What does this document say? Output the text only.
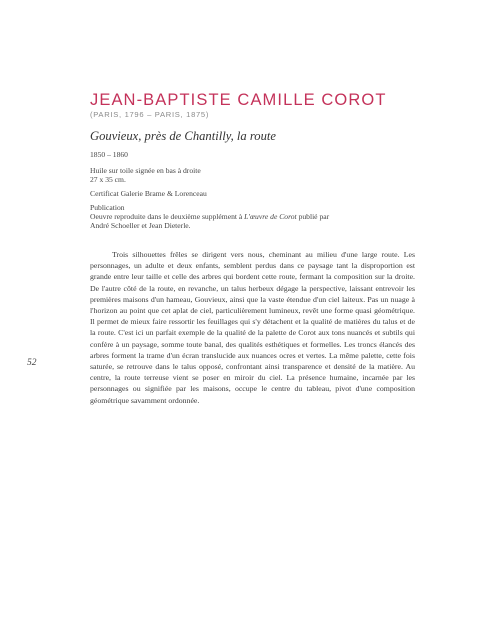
JEAN-BAPTISTE CAMILLE COROT
(PARIS, 1796 – PARIS, 1875)
Gouvieux, près de Chantilly, la route
1850 – 1860
Huile sur toile signée en bas à droite
27 x 35 cm.
Certificat Galerie Brame & Lorenceau
Publication
Oeuvre reproduite dans le deuxième supplément à L'œuvre de Corot publié par
André Schoeller et Jean Dieterle.

Trois silhouettes frêles se dirigent vers nous, cheminant au milieu d'une large route. Les personnages, un adulte et deux enfants, semblent perdus dans ce paysage tant la disproportion est grande entre leur taille et celle des arbres qui bordent cette route, fermant la composition sur la droite. De l'autre côté de la route, en revanche, un talus herbeux dégage la perspective, laissant entrevoir les premières maisons d'un hameau, Gouvieux, ainsi que la vaste étendue d'un ciel laiteux. Pas un nuage à l'horizon au point que cet aplat de ciel, particulièrement lumineux, revêt une forme quasi géométrique. Il permet de mieux faire ressortir les feuillages qui s'y détachent et la qualité de matières du talus et de la route. C'est ici un parfait exemple de la qualité de la palette de Corot aux tons nuancés et subtils qui confère à un paysage, somme toute banal, des qualités esthétiques et formelles. Les troncs élancés des arbres forment la trame d'un écran translucide aux nuances ocres et vertes. La même palette, cette fois saturée, se retrouve dans le talus opposé, confrontant ainsi transparence et densité de la matière. Au centre, la route terreuse vient se poser en miroir du ciel. La présence humaine, incarnée par les personnages ou signifiée par les maisons, occupe le centre du tableau, pivot d'une composition géométrique savamment ordonnée.

52
